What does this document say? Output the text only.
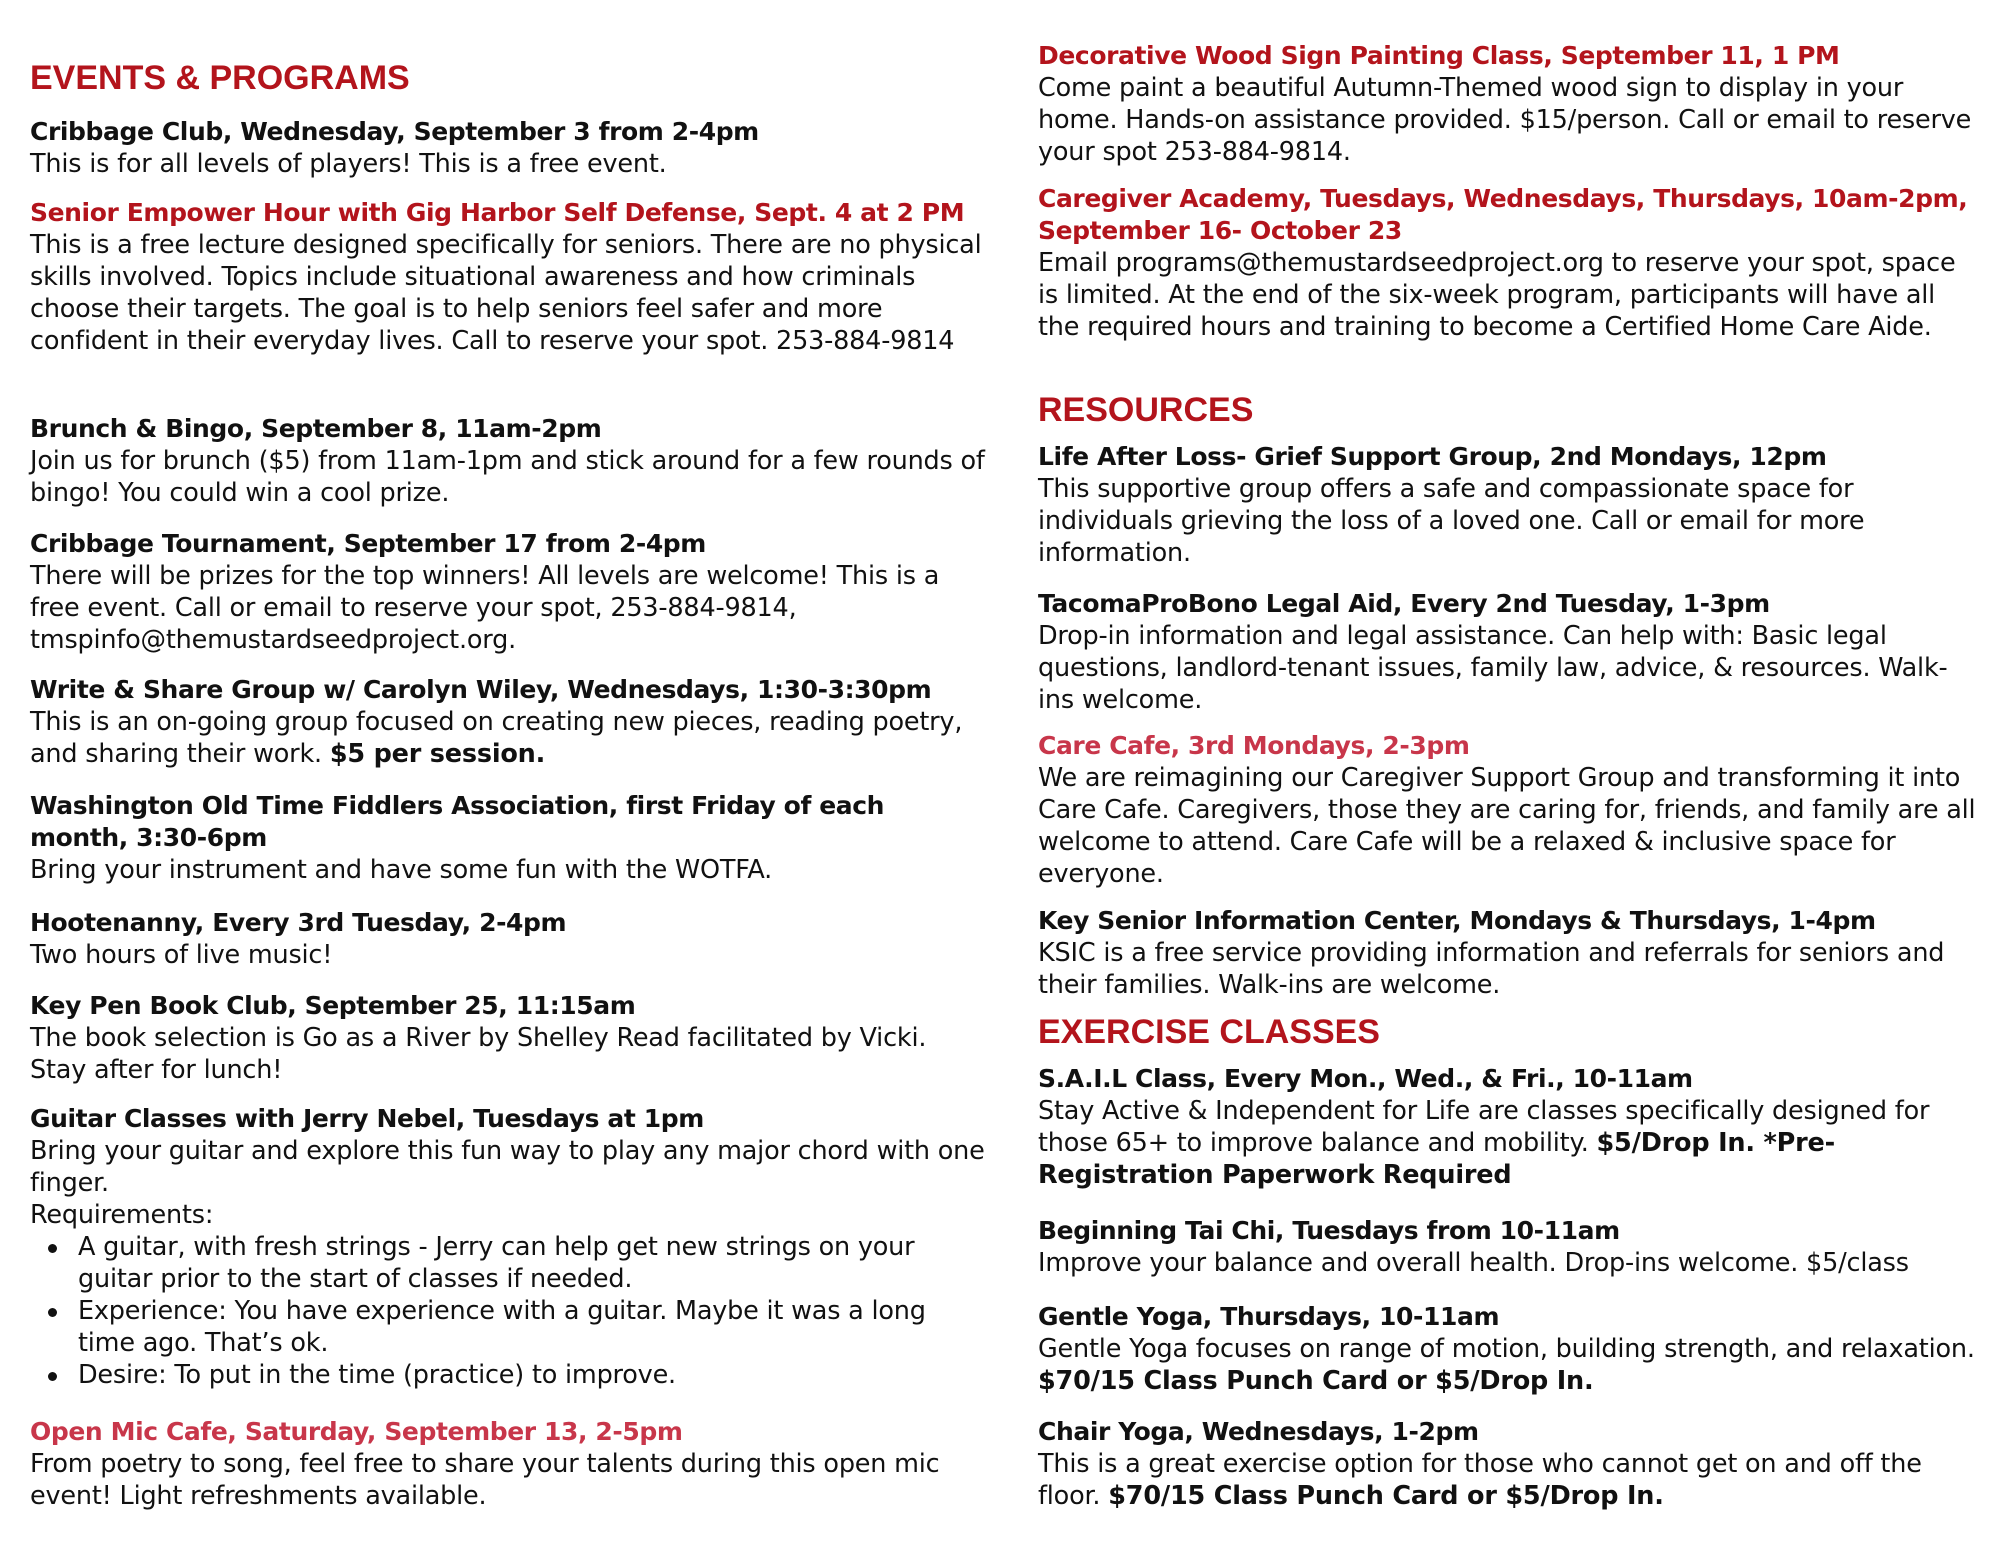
EVENTS & PROGRAMS
Cribbage Club, Wednesday, September 3 from 2-4pm
This is for all levels of players! This is a free event.
Senior Empower Hour with Gig Harbor Self Defense, Sept. 4 at 2 PM
This is a free lecture designed specifically for seniors. There are no physical skills involved. Topics include situational awareness and how criminals choose their targets. The goal is to help seniors feel safer and more confident in their everyday lives. Call to reserve your spot. 253-884-9814
Brunch & Bingo, September 8, 11am-2pm
Join us for brunch ($5) from 11am-1pm and stick around for a few rounds of bingo! You could win a cool prize.
Cribbage Tournament, September 17 from 2-4pm
There will be prizes for the top winners! All levels are welcome! This is a free event. Call or email to reserve your spot, 253-884-9814, tmspinfo@themustardseedproject.org.
Write & Share Group w/ Carolyn Wiley, Wednesdays, 1:30-3:30pm
This is an on-going group focused on creating new pieces, reading poetry, and sharing their work. $5 per session.
Washington Old Time Fiddlers Association, first Friday of each month, 3:30-6pm
Bring your instrument and have some fun with the WOTFA.
Hootenanny, Every 3rd Tuesday, 2-4pm
Two hours of live music!
Key Pen Book Club, September 25, 11:15am
The book selection is Go as a River by Shelley Read facilitated by Vicki. Stay after for lunch!
Guitar Classes with Jerry Nebel, Tuesdays at 1pm
Bring your guitar and explore this fun way to play any major chord with one finger.
Requirements:
A guitar, with fresh strings - Jerry can help get new strings on your guitar prior to the start of classes if needed.
Experience: You have experience with a guitar. Maybe it was a long time ago. That’s ok.
Desire: To put in the time (practice) to improve.
Open Mic Cafe, Saturday, September 13, 2-5pm
From poetry to song, feel free to share your talents during this open mic event! Light refreshments available.
Decorative Wood Sign Painting Class, September 11, 1 PM
Come paint a beautiful Autumn-Themed wood sign to display in your home. Hands-on assistance provided. $15/person. Call or email to reserve your spot 253-884-9814.
Caregiver Academy, Tuesdays, Wednesdays, Thursdays, 10am-2pm, September 16- October 23
Email programs@themustardseedproject.org to reserve your spot, space is limited. At the end of the six-week program, participants will have all the required hours and training to become a Certified Home Care Aide.
RESOURCES
Life After Loss- Grief Support Group, 2nd Mondays, 12pm
This supportive group offers a safe and compassionate space for individuals grieving the loss of a loved one. Call or email for more information.
TacomaProBono Legal Aid, Every 2nd Tuesday, 1-3pm
Drop-in information and legal assistance. Can help with: Basic legal questions, landlord-tenant issues, family law, advice, & resources. Walk-ins welcome.
Care Cafe, 3rd Mondays, 2-3pm
We are reimagining our Caregiver Support Group and transforming it into Care Cafe. Caregivers, those they are caring for, friends, and family are all welcome to attend. Care Cafe will be a relaxed & inclusive space for everyone.
Key Senior Information Center, Mondays & Thursdays, 1-4pm
KSIC is a free service providing information and referrals for seniors and their families. Walk-ins are welcome.
EXERCISE CLASSES
S.A.I.L Class, Every Mon., Wed., & Fri., 10-11am
Stay Active & Independent for Life are classes specifically designed for those 65+ to improve balance and mobility. $5/Drop In. *Pre-Registration Paperwork Required
Beginning Tai Chi, Tuesdays from 10-11am
Improve your balance and overall health. Drop-ins welcome. $5/class
Gentle Yoga, Thursdays, 10-11am
Gentle Yoga focuses on range of motion, building strength, and relaxation. $70/15 Class Punch Card or $5/Drop In.
Chair Yoga, Wednesdays, 1-2pm
This is a great exercise option for those who cannot get on and off the floor. $70/15 Class Punch Card or $5/Drop In.
